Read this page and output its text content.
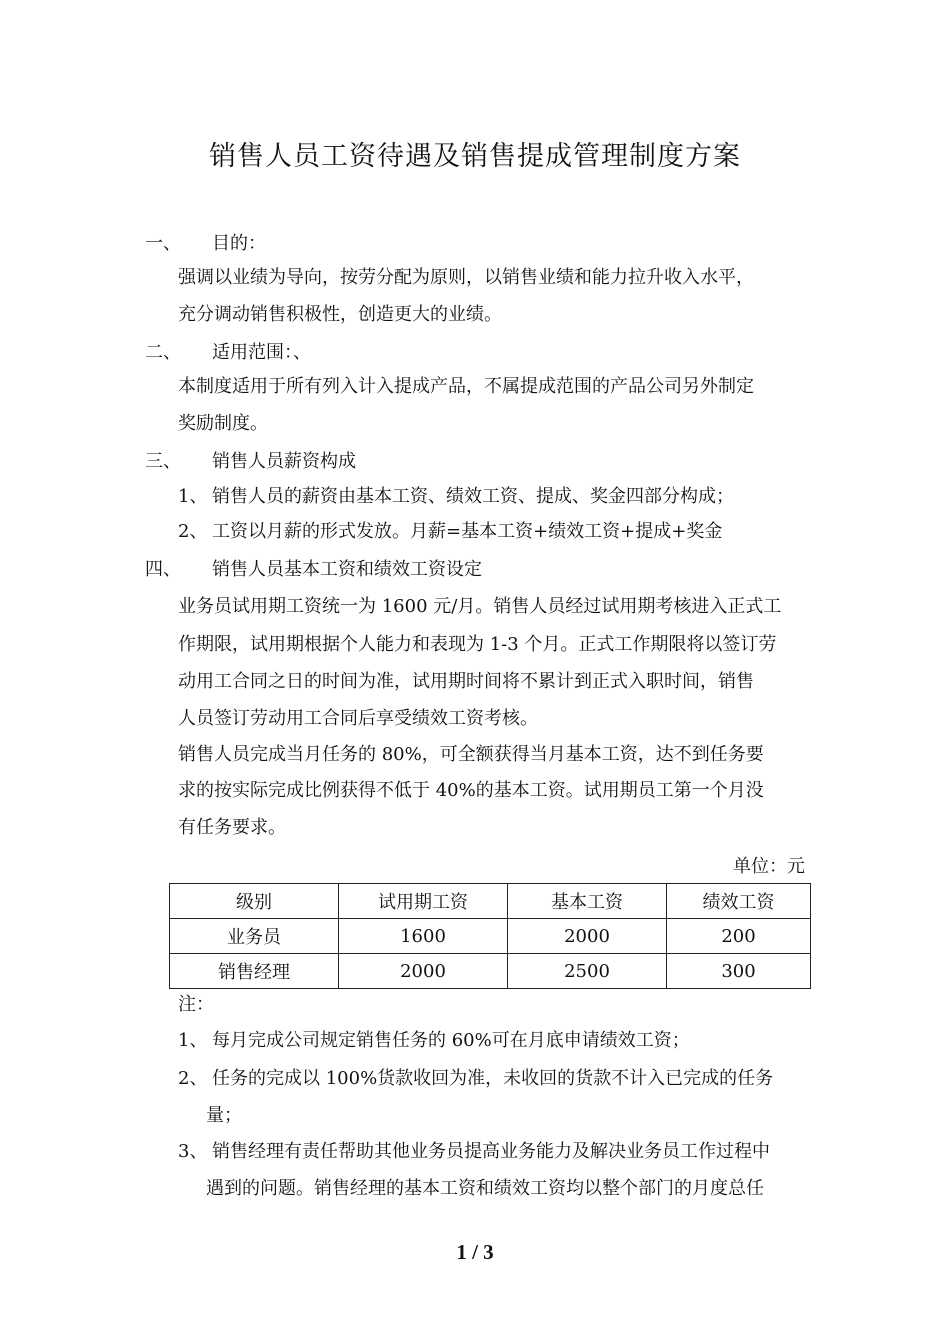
销售人员工资待遇及销售提成管理制度方案
一、 目的：
强调以业绩为导向，按劳分配为原则，以销售业绩和能力拉升收入水平，
充分调动销售积极性，创造更大的业绩。
二、 适用范围：、
本制度适用于所有列入计入提成产品，不属提成范围的产品公司另外制定
奖励制度。
三、 销售人员薪资构成
1、 销售人员的薪资由基本工资、绩效工资、提成、奖金四部分构成；
2、 工资以月薪的形式发放。月薪=基本工资+绩效工资+提成+奖金
四、 销售人员基本工资和绩效工资设定
业务员试用期工资统一为 1600 元/月。销售人员经过试用期考核进入正式工
作期限，试用期根据个人能力和表现为 1-3 个月。正式工作期限将以签订劳
动用工合同之日的时间为准，试用期时间将不累计到正式入职时间，销售
人员签订劳动用工合同后享受绩效工资考核。
销售人员完成当月任务的 80%，可全额获得当月基本工资，达不到任务要
求的按实际完成比例获得不低于 40%的基本工资。试用期员工第一个月没
有任务要求。
单位：元
级别	试用期工资	基本工资	绩效工资
业务员	1600	2000	200
销售经理	2000	2500	300
注：
1、 每月完成公司规定销售任务的 60%可在月底申请绩效工资；
2、 任务的完成以 100%货款收回为准，未收回的货款不计入已完成的任务
量；
3、 销售经理有责任帮助其他业务员提高业务能力及解决业务员工作过程中
遇到的问题。销售经理的基本工资和绩效工资均以整个部门的月度总任
1 / 3
